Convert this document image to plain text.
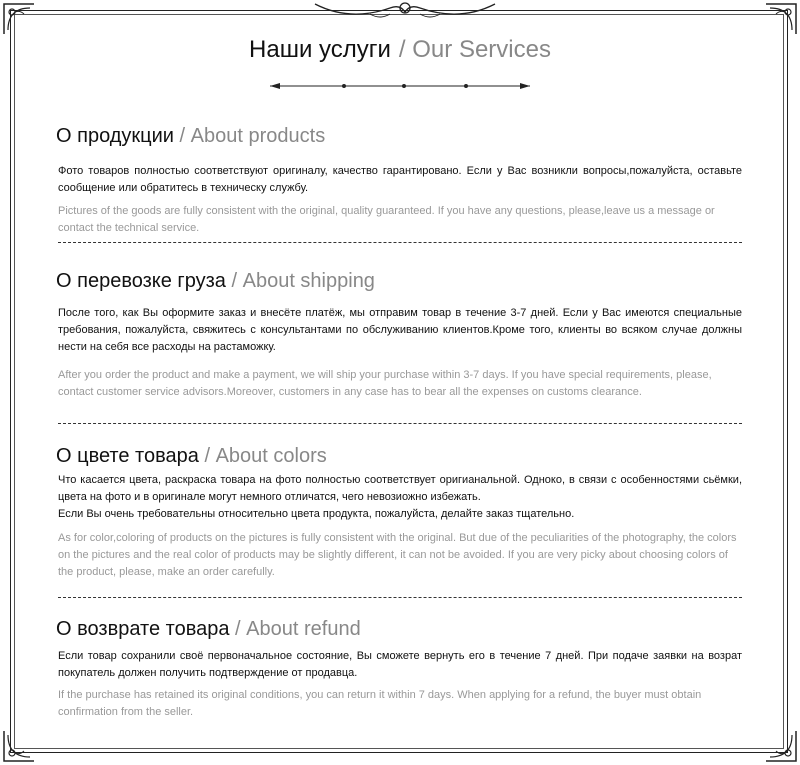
Наши услуги / Our Services
О продукции / About products
Фото товаров полностью соответствуют оригиналу, качество гарантировано. Если у Вас возникли вопросы,пожалуйста, оставьте сообщение или обратитесь в техническу службу.
Pictures of the goods are fully consistent with the original, quality guaranteed. If you have any questions, please,leave us a message or contact the technical service.
О перевозке груза / About shipping
После того, как Вы оформите заказ и внесёте платёж, мы отправим товар в течение 3-7 дней. Если у Вас имеются специальные требования, пожалуйста, свяжитесь с консультантами по обслуживанию клиентов.Кроме того, клиенты во всяком случае должны нести на себя все расходы на растаможку.
After you order the product and make a payment, we will ship your purchase within 3-7 days. If you have special requirements, please, contact customer service advisors.Moreover, customers in any case has to bear all the expenses on customs clearance.
О цвете товара / About colors
Что касается цвета, раскраска товара на фото полностью соответствует оригианальной. Одноко, в связи с особенностями сьёмки, цвета на фото и в оригинале могут немного отличатся, чего невозиожно избежать.
Если Вы очень требовательны относительно цвета продукта, пожалуйста, делайте заказ тщательно.
As for color,coloring of products on the pictures is fully consistent with the original. But due of the peculiarities of the photography, the colors on the pictures and the real color of products may be slightly different, it can not be avoided. If you are very picky about choosing colors of the product, please, make an order carefully.
О возврате товара / About refund
Если товар сохранили своё первоначальное состояние, Вы сможете вернуть его в течение 7 дней. При подаче заявки на возрат покупатель должен получить подтверждение от продавца.
If the purchase has retained its original conditions, you can return it within 7 days. When applying for a refund, the buyer must obtain confirmation from the seller.
